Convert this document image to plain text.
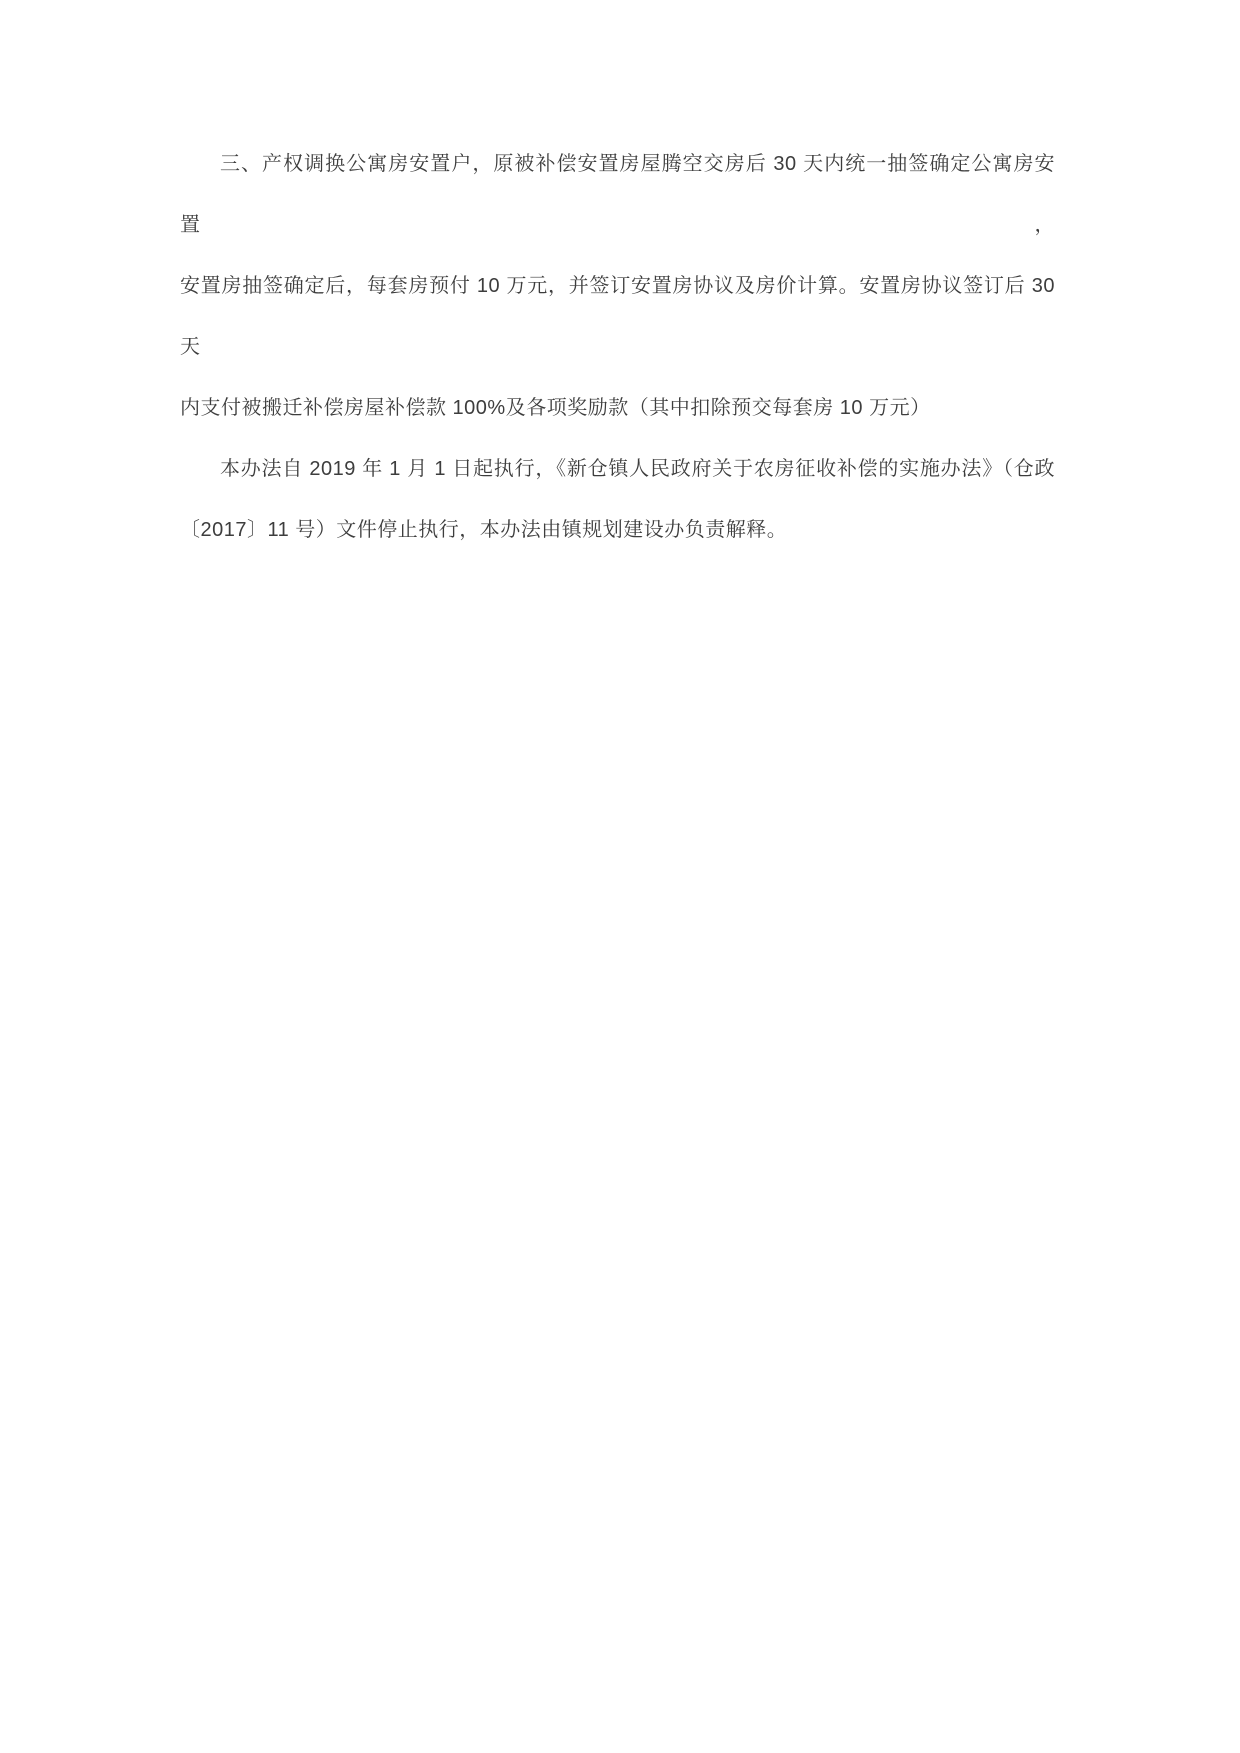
三、产权调换公寓房安置户，原被补偿安置房屋腾空交房后 30 天内统一抽签确定公寓房安置，
安置房抽签确定后，每套房预付 10 万元，并签订安置房协议及房价计算。安置房协议签订后 30 天
内支付被搬迁补偿房屋补偿款 100%及各项奖励款（其中扣除预交每套房 10 万元）
本办法自 2019 年 1 月 1 日起执行，《新仓镇人民政府关于农房征收补偿的实施办法》（仓政
〔2017〕11 号）文件停止执行，本办法由镇规划建设办负责解释。
